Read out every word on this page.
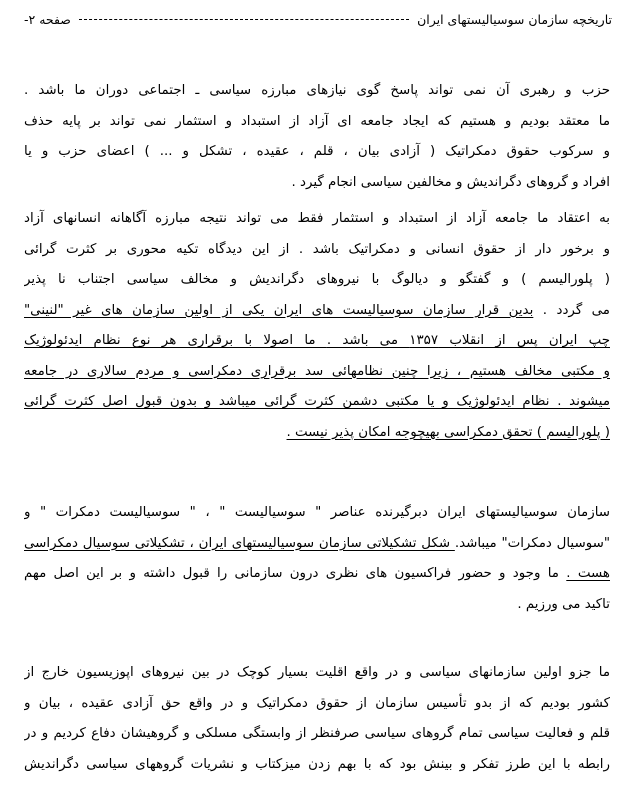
تاریخچه سازمان سوسیالیستهای ایران
صفحه ۲-
حزب و رهبری آن نمی تواند پاسخ گوی نیازهای مبارزه سیاسی ـ اجتماعی دوران ما باشد .
ما معتقد بودیم و هستیم که ایجاد جامعه ای آزاد از استبداد و استثمار نمی تواند بر پایه حذف
و سرکوب حقوق دمکراتیک ( آزادی بیان ، قلم ، عقیده ، تشکل و ... ) اعضای حزب و یا
افراد و گروهای دگراندیش و مخالفین سیاسی انجام گیرد .
به اعتقاد ما جامعه آزاد از استبداد و استثمار فقط می تواند نتیجه مبارزه آگاهانه انسانهای آزاد
و برخور دار از حقوق انسانی و دمکراتیک باشد . از این دیدگاه تکیه محوری بر کثرت گرائی
( پلورالیسم ) و گفتگو و دیالوگ با نیروهای دگراندیش و مخالف سیاسی اجتناب نا پذیر
می گردد . بدین قرار سازمان سوسیالیست های ایران یکی از اولین سازمان های غیر "لنینی"
چپ ایران پس از انقلاب ۱۳۵۷ می باشد . ما اصولا با برقراری هر نوع نظام ایدئولوژیک
و مکتبی مخالف هستیم ، زیرا چنین نظامهائی سد برقراری دمکراسی و مردم سالاری در جامعه
میشوند . نظام ایدئولوژیک و یا مکتبی دشمن کثرت گرائی میباشد و بدون قبول اصل کثرت گرائی
( پلورالیسم ) تحقق دمکراسی بهیچوجه امکان پذیر نیست .
سازمان سوسیالیستهای ایران دبرگیرنده عناصر " سوسیالیست " ، " سوسیالیست دمکرات " و
"سوسیال دمکرات" میباشد. شکل تشکیلاتی سازمان سوسیالیستهای ایران ، تشکیلاتی سوسیال دمکراسی
هست . ما وجود و حضور فراکسیون های نظری درون سازمانی را قبول داشته و بر این اصل مهم
تاکید می ورزیم .
ما جزو اولین سازمانهای سیاسی و در واقع اقلیت بسیار کوچک در بین نیروهای اپوزیسیون خارج از
کشور بودیم که از بدو تأسیس سازمان از حقوق دمکراتیک و در واقع حق آزادی عقیده ، بیان و
قلم و فعالیت سیاسی تمام گروهای سیاسی صرفنظر از وابستگی مسلکی و گروهیشان دفاع کردیم و در
رابطه با این طرز تفکر و بینش بود که با بهم زدن میزکتاب و نشریات گروههای سیاسی دگراندیش
